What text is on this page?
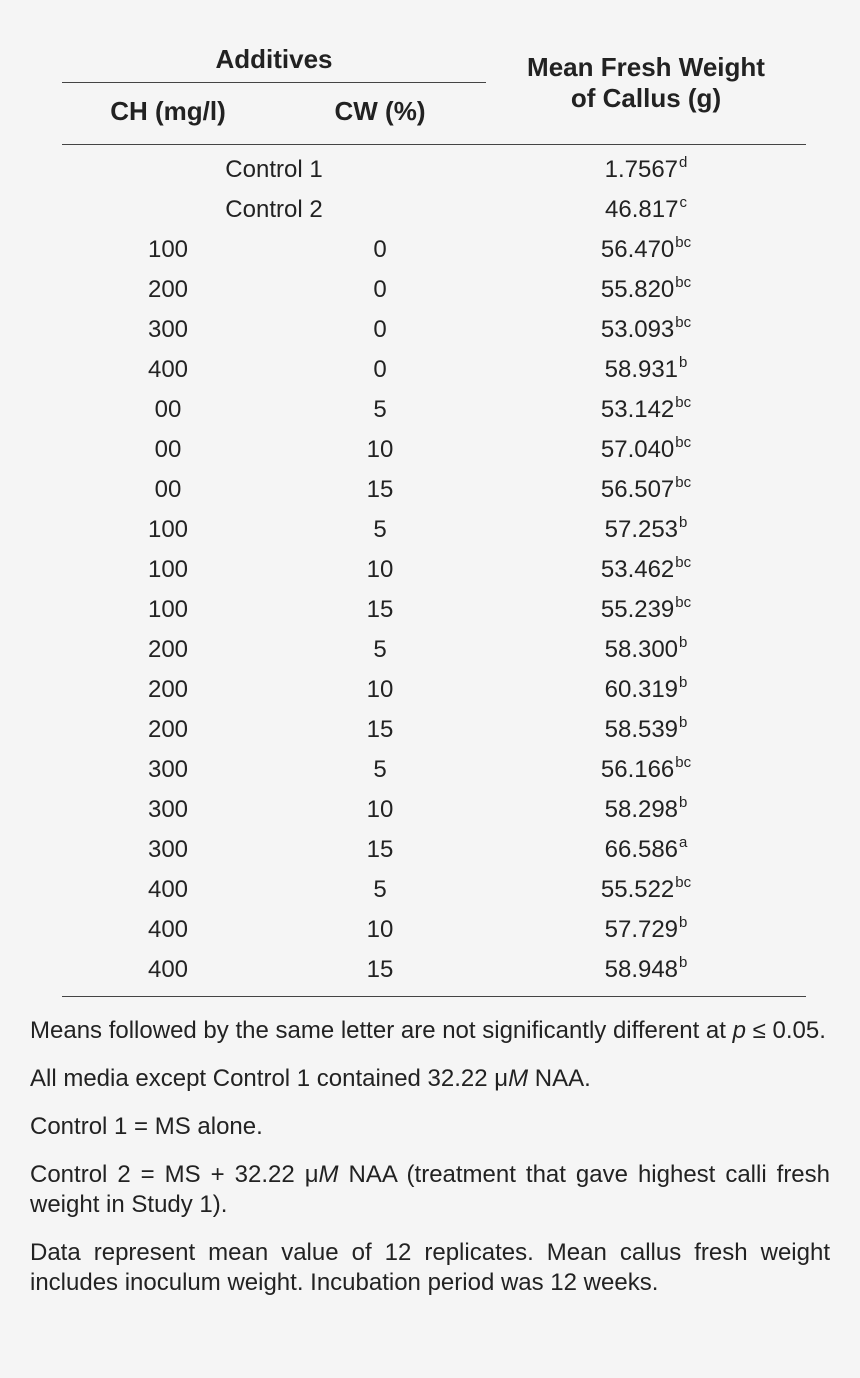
Additives
CH (mg/l)	CW (%)
Mean Fresh Weight
of Callus (g)
Control 1	1.7567$^d$
Control 2	46.817$^c$
100	0	56.470$^{bc}$
200	0	55.820$^{bc}$
300	0	53.093$^{bc}$
400	0	58.931$^b$
00	5	53.142$^{bc}$
00	10	57.040$^{bc}$
00	15	56.507$^{bc}$
100	5	57.253$^b$
100	10	53.462$^{bc}$
100	15	55.239$^{bc}$
200	5	58.300$^b$
200	10	60.319$^b$
200	15	58.539$^b$
300	5	56.166$^{bc}$
300	10	58.298$^b$
300	15	66.586$^a$
400	5	55.522$^{bc}$
400	10	57.729$^b$
400	15	58.948$^b$

Means followed by the same letter are not significantly different at p ≤ 0.05.

All media except Control 1 contained 32.22 μM NAA.

Control 1 = MS alone.

Control 2 = MS + 32.22 μM NAA (treatment that gave highest calli fresh weight in Study 1).

Data represent mean value of 12 replicates. Mean callus fresh weight includes inoculum weight. Incubation period was 12 weeks.
